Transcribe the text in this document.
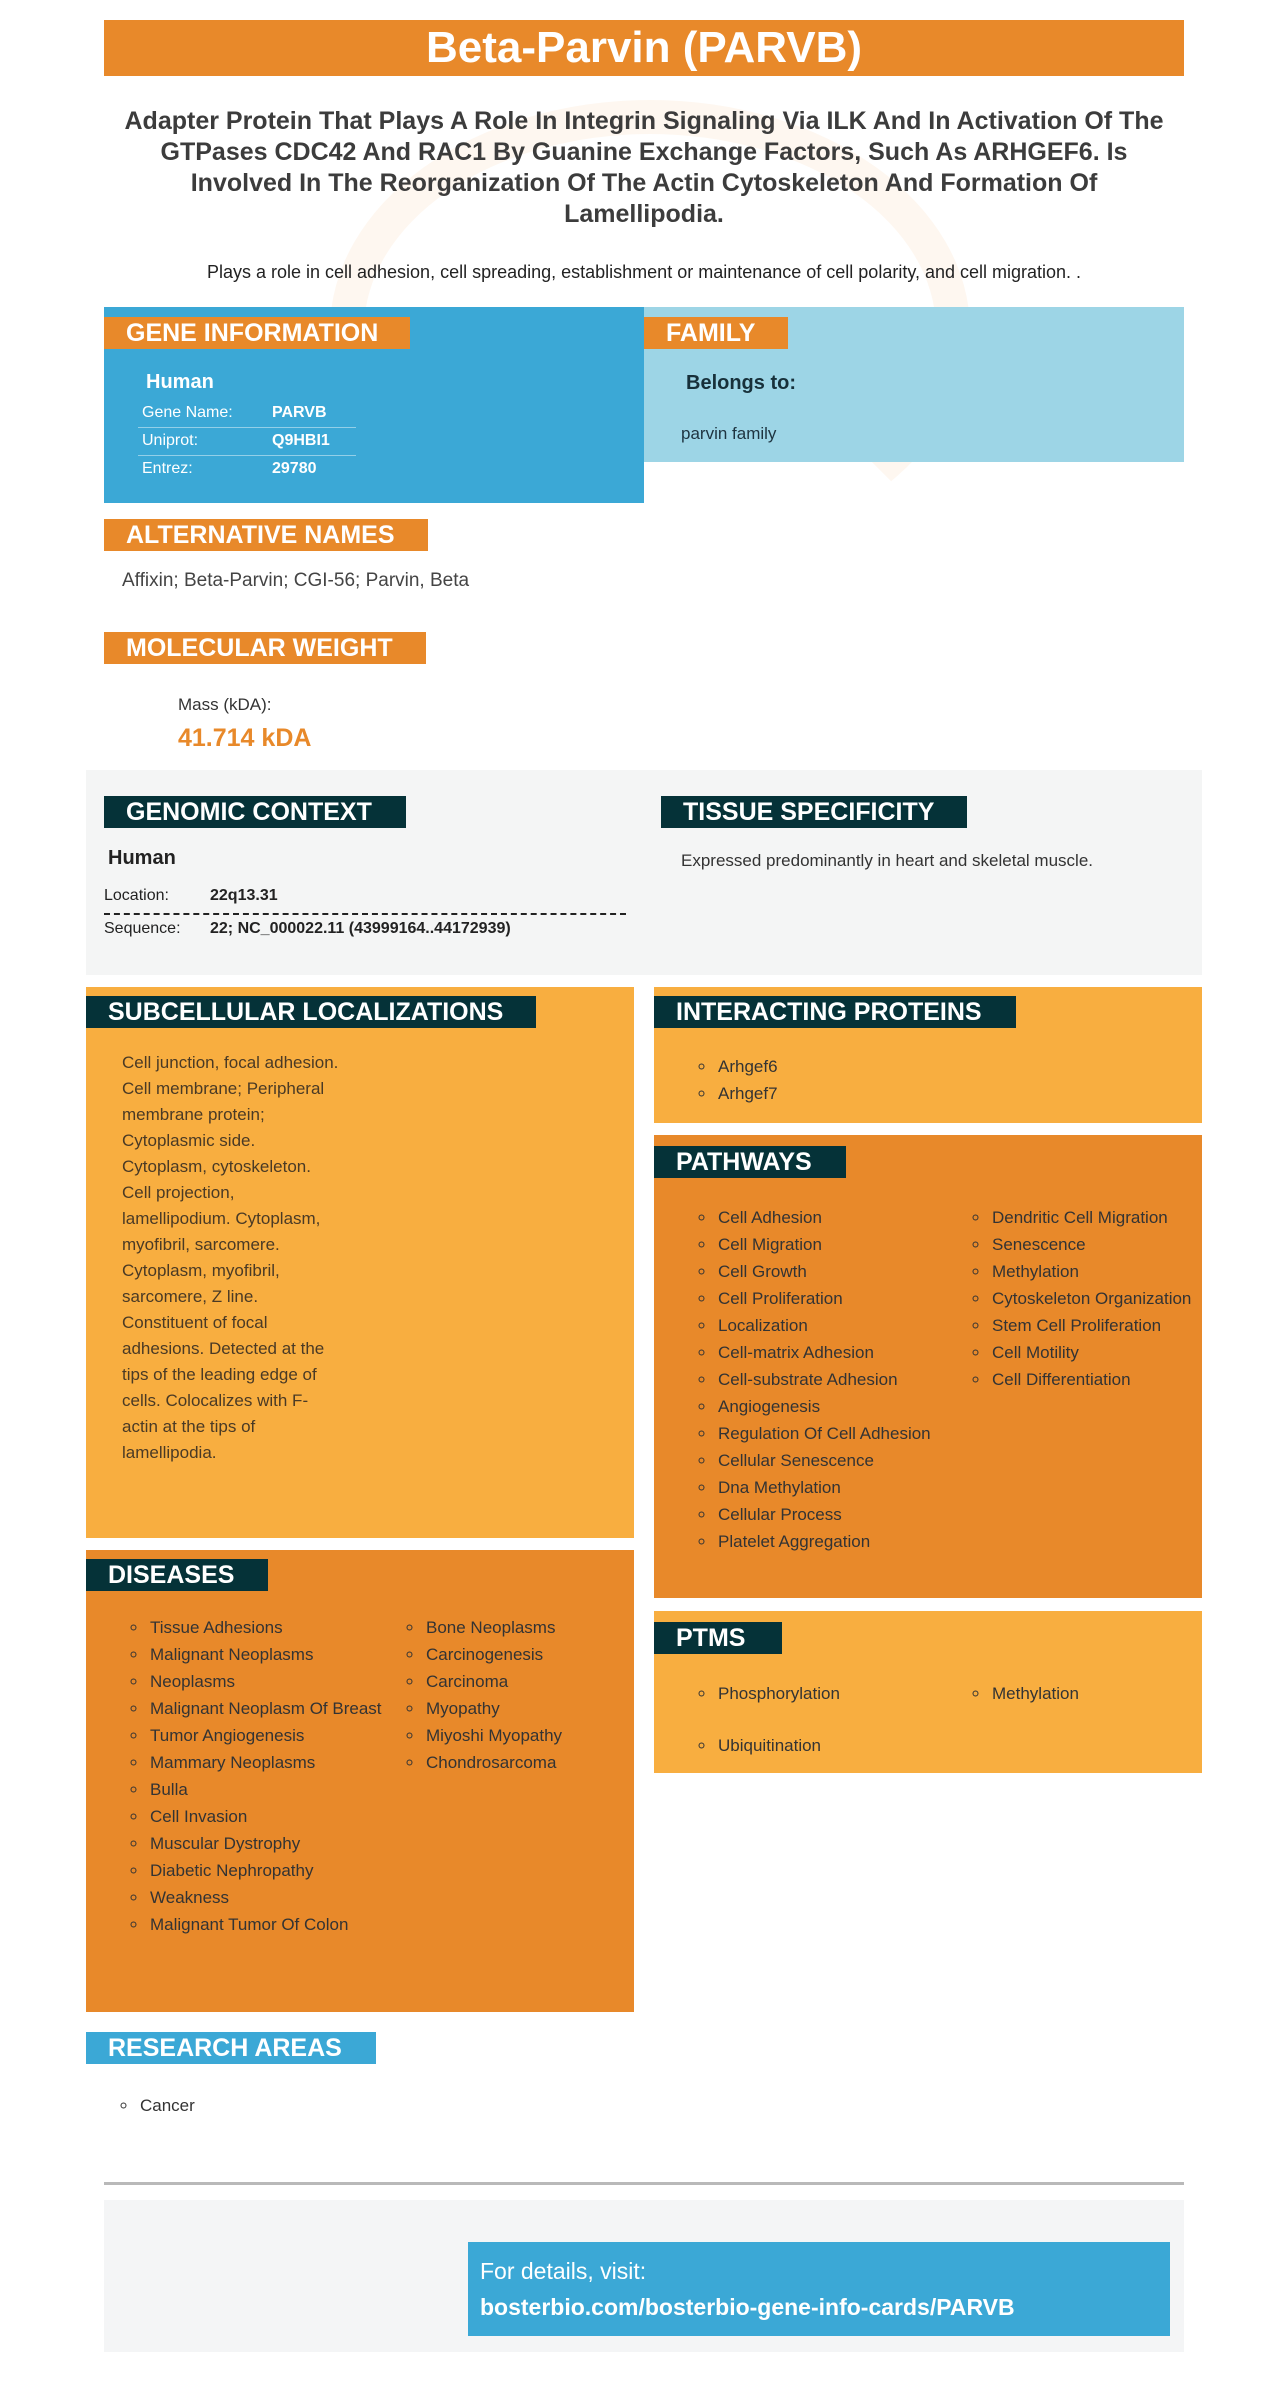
Beta-Parvin (PARVB)
Adapter Protein That Plays A Role In Integrin Signaling Via ILK And In Activation Of The GTPases CDC42 And RAC1 By Guanine Exchange Factors, Such As ARHGEF6. Is Involved In The Reorganization Of The Actin Cytoskeleton And Formation Of Lamellipodia.
Plays a role in cell adhesion, cell spreading, establishment or maintenance of cell polarity, and cell migration. .
GENE INFORMATION
Human
Gene Name: PARVB
Uniprot:	Q9HBI1
Entrez:	29780
FAMILY
Belongs to:
parvin family
ALTERNATIVE NAMES
Affixin; Beta-Parvin; CGI-56; Parvin, Beta
MOLECULAR WEIGHT
Mass (kDA):
41.714 kDA
GENOMIC CONTEXT
Human
Location:	22q13.31
Sequence: 22; NC_000022.11 (43999164..44172939)
TISSUE SPECIFICITY
Expressed predominantly in heart and skeletal muscle.
SUBCELLULAR LOCALIZATIONS
Cell junction, focal adhesion. Cell membrane; Peripheral membrane protein; Cytoplasmic side. Cytoplasm, cytoskeleton. Cell projection, lamellipodium. Cytoplasm, myofibril, sarcomere. Cytoplasm, myofibril, sarcomere, Z line. Constituent of focal adhesions. Detected at the tips of the leading edge of cells. Colocalizes with F-actin at the tips of lamellipodia.
INTERACTING PROTEINS
◦ Arhgef6
◦ Arhgef7
PATHWAYS
◦ Cell Adhesion
◦ Cell Migration
◦ Cell Growth
◦ Cell Proliferation
◦ Localization
◦ Cell-matrix Adhesion
◦ Cell-substrate Adhesion
◦ Angiogenesis
◦ Regulation Of Cell Adhesion
◦ Cellular Senescence
◦ Dna Methylation
◦ Cellular Process
◦ Platelet Aggregation
◦ Dendritic Cell Migration
◦ Senescence
◦ Methylation
◦ Cytoskeleton Organization
◦ Stem Cell Proliferation
◦ Cell Motility
◦ Cell Differentiation
PTMS
◦ Phosphorylation
◦	Methylation
◦ Ubiquitination
DISEASES
◦ Tissue Adhesions
◦ Malignant Neoplasms
◦ Neoplasms
◦ Malignant Neoplasm Of Breast
◦ Tumor Angiogenesis
◦ Mammary Neoplasms
◦ Bulla
◦ Cell Invasion
◦ Muscular Dystrophy
◦ Diabetic Nephropathy
◦ Weakness
◦ Malignant Tumor Of Colon
◦ Bone Neoplasms
◦ Carcinogenesis
◦ Carcinoma
◦ Myopathy
◦ Miyoshi Myopathy
◦ Chondrosarcoma
RESEARCH AREAS
◦ Cancer
For details, visit:
bosterbio.com/bosterbio-gene-info-cards/PARVB
